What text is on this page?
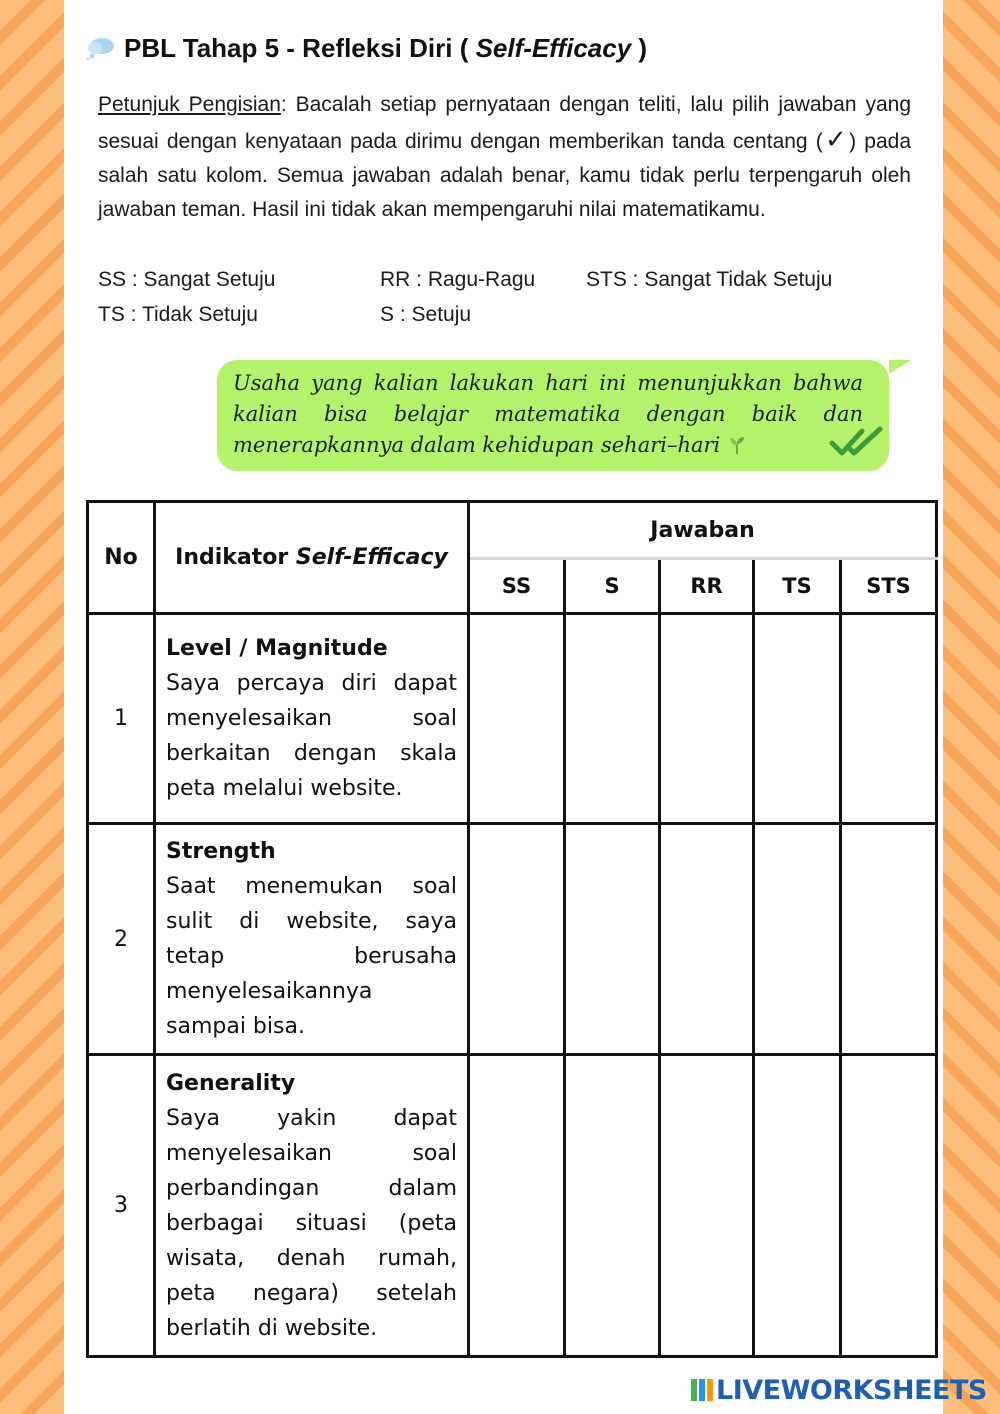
PBL Tahap 5 - Refleksi Diri ( Self-Efficacy )
Petunjuk Pengisian: Bacalah setiap pernyataan dengan teliti, lalu pilih jawaban yang sesuai dengan kenyataan pada dirimu dengan memberikan tanda centang (✓) pada salah satu kolom. Semua jawaban adalah benar, kamu tidak perlu terpengaruh oleh jawaban teman. Hasil ini tidak akan mempengaruhi nilai matematikamu.
SS : Sangat Setuju	RR : Ragu-Ragu STS : Sangat Tidak Setuju
TS : Tidak Setuju	S : Setuju
Usaha yang kalian lakukan hari ini menunjukkan bahwa kalian bisa belajar matematika dengan baik dan menerapkannya dalam kehidupan sehari–hari
No	Indikator Self-Efficacy	Jawaban				
		SS	S	RR	TS	STS
1	Level / Magnitude
Saya percaya diri dapat menyelesaikan soal berkaitan dengan skala peta melalui website.					
2	Strength
Saat menemukan soal sulit di website, saya tetap berusaha menyelesaikannya sampai bisa.					
3	Generality
Saya yakin dapat menyelesaikan soal perbandingan dalam berbagai situasi (peta wisata, denah rumah, peta negara) setelah berlatih di website.					
LIVEWORKSHEETS
